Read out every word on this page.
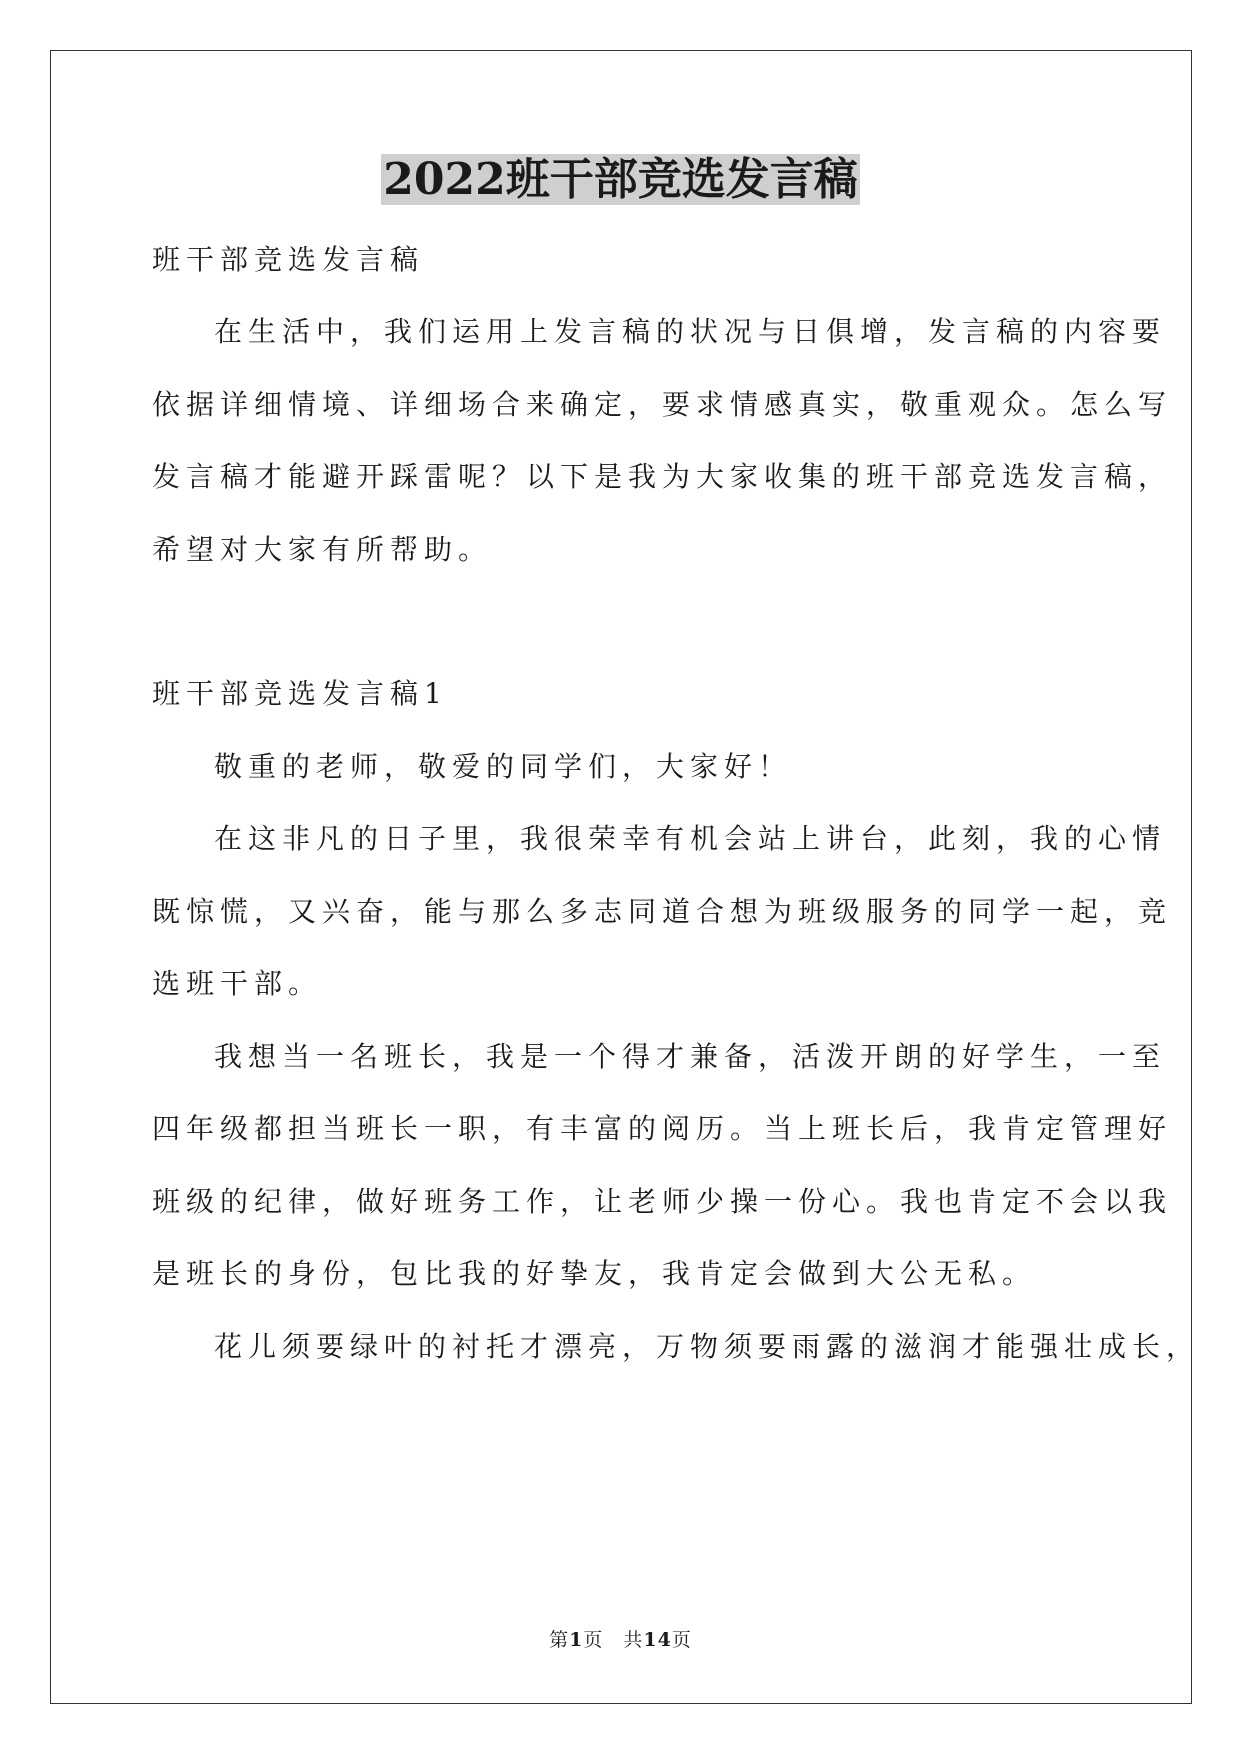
2022班干部竞选发言稿
班干部竞选发言稿
在生活中，我们运用上发言稿的状况与日俱增，发言稿的内容要
依据详细情境、详细场合来确定，要求情感真实，敬重观众。怎么写
发言稿才能避开踩雷呢？以下是我为大家收集的班干部竞选发言稿，
希望对大家有所帮助。
班干部竞选发言稿1
敬重的老师，敬爱的同学们，大家好！
在这非凡的日子里，我很荣幸有机会站上讲台，此刻，我的心情
既惊慌，又兴奋，能与那么多志同道合想为班级服务的同学一起，竞
选班干部。
我想当一名班长，我是一个得才兼备，活泼开朗的好学生，一至
四年级都担当班长一职，有丰富的阅历。当上班长后，我肯定管理好
班级的纪律，做好班务工作，让老师少操一份心。我也肯定不会以我
是班长的身份，包比我的好挚友，我肯定会做到大公无私。
花儿须要绿叶的衬托才漂亮，万物须要雨露的滋润才能强壮成长，
第1页　共14页
